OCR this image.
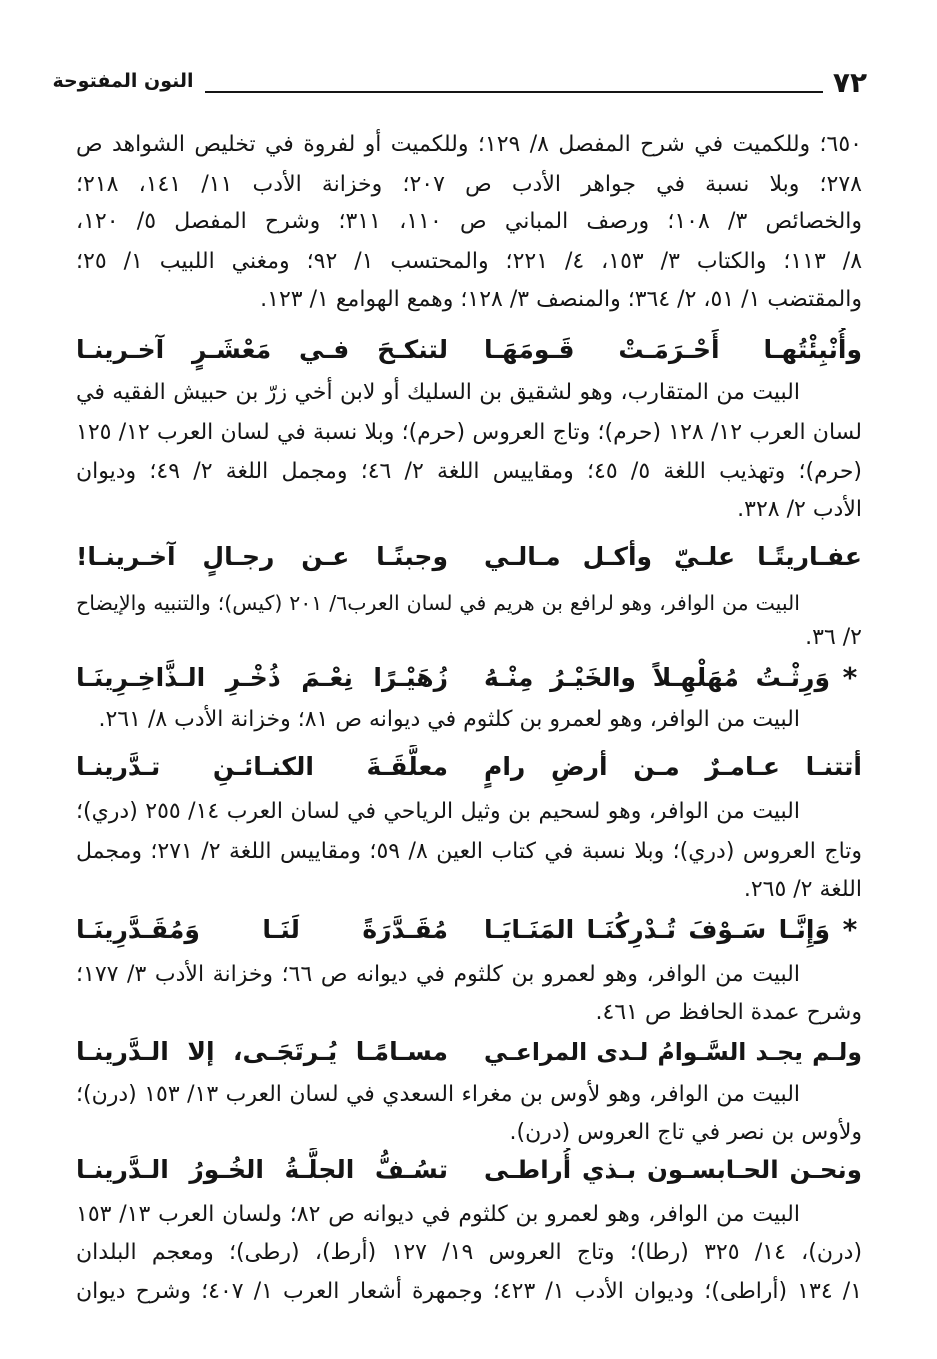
٧٢
النون المفتوحة
٦٥٠؛ وللكميت في شرح المفصل ٨/ ١٢٩؛ وللكميت أو لفروة في تخليص الشواهد ص
٢٧٨؛ وبلا نسبة في جواهر الأدب ص ٢٠٧؛ وخزانة الأدب ١١/ ١٤١، ٢١٨؛
والخصائص ٣/ ١٠٨؛ ورصف المباني ص ١١٠، ٣١١؛ وشرح المفصل ٥/ ١٢٠،
٨/ ١١٣؛ والكتاب ٣/ ١٥٣، ٤/ ٢٢١؛ والمحتسب ١/ ٩٢؛ ومغني اللبيب ١/ ٢٥؛
والمقتضب ١/ ٥١، ٢/ ٣٦٤؛ والمنصف ٣/ ١٢٨؛ وهمع الهوامع ١/ ١٢٣.
وأُنْبِئْتُهـا أَحْـرَمَـتْ قَـومَهَـا
لتنكـحَ فـي مَعْشَـرٍ آخـرينـا
البيت من المتقارب، وهو لشقيق بن السليك أو لابن أخي زرّ بن حبيش الفقيه في
لسان العرب ١٢/ ١٢٨ (حرم)؛ وتاج العروس (حرم)؛ وبلا نسبة في لسان العرب ١٢/ ١٢٥
(حرم)؛ وتهذيب اللغة ٥/ ٤٥؛ ومقاييس اللغة ٢/ ٤٦؛ ومجمل اللغة ٢/ ٤٩؛ وديوان
الأدب ٢/ ٣٢٨.
عفـاريتًـا علـيّ وأكـل مـالـي
وجبنًـا عـن رجـالٍ آخـرينـا!
البيت من الوافر، وهو لرافع بن هريم في لسان العرب٦/ ٢٠١ (كيس)؛ والتنبيه والإيضاح
٢/ ٣٦.
*
وَرِثْـتُ مُهَلْهِـلاً والخَيْـرُ مِنْـهُ
زُهَيْـرًا نِعْـمَ ذُخْـرِ الـذَّاخِـرِينَـا
البيت من الوافر، وهو لعمرو بن كلثوم في ديوانه ص ٨١؛ وخزانة الأدب ٨/ ٢٦١.
أتتنـا عـامـرٌ مـن أرضِ رامٍ
معلَّقَـةَ الكنـائـنِ تـدَّرينـا
البيت من الوافر، وهو لسحيم بن وثيل الرياحي في لسان العرب ١٤/ ٢٥٥ (دري)؛
وتاج العروس (دري)؛ وبلا نسبة في كتاب العين ٨/ ٥٩؛ ومقاييس اللغة ٢/ ٢٧١؛ ومجمل
اللغة ٢/ ٢٦٥.
*
وَإِنَّـا سَـوْفَ تُـدْرِكُنَـا المَنَـايَـا
مُقَـدَّرَةً لَنَـا وَمُقَـدَّرِينَـا
البيت من الوافر، وهو لعمرو بن كلثوم في ديوانه ص ٦٦؛ وخزانة الأدب ٣/ ١٧٧؛
وشرح عمدة الحافظ ص ٤٦١.
ولـم يجـد السَّـوامُ لـدى المراعـي
مسـامًـا يُـرتَجَـى، إلا الـدَّرينـا
البيت من الوافر، وهو لأوس بن مغراء السعدي في لسان العرب ١٣/ ١٥٣ (درن)؛
ولأوس بن نصر في تاج العروس (درن).
ونحـن الحـابسـون بـذي أُراطـى
تسُـفُّ الجلَّـةُ الخُـورُ الـدَّرينـا
البيت من الوافر، وهو لعمرو بن كلثوم في ديوانه ص ٨٢؛ ولسان العرب ١٣/ ١٥٣
(درن)، ١٤/ ٣٢٥ (رطا)؛ وتاج العروس ١٩/ ١٢٧ (أرط)، (رطى)؛ ومعجم البلدان
١/ ١٣٤ (أراطى)؛ وديوان الأدب ١/ ٤٢٣؛ وجمهرة أشعار العرب ١/ ٤٠٧؛ وشرح ديوان
